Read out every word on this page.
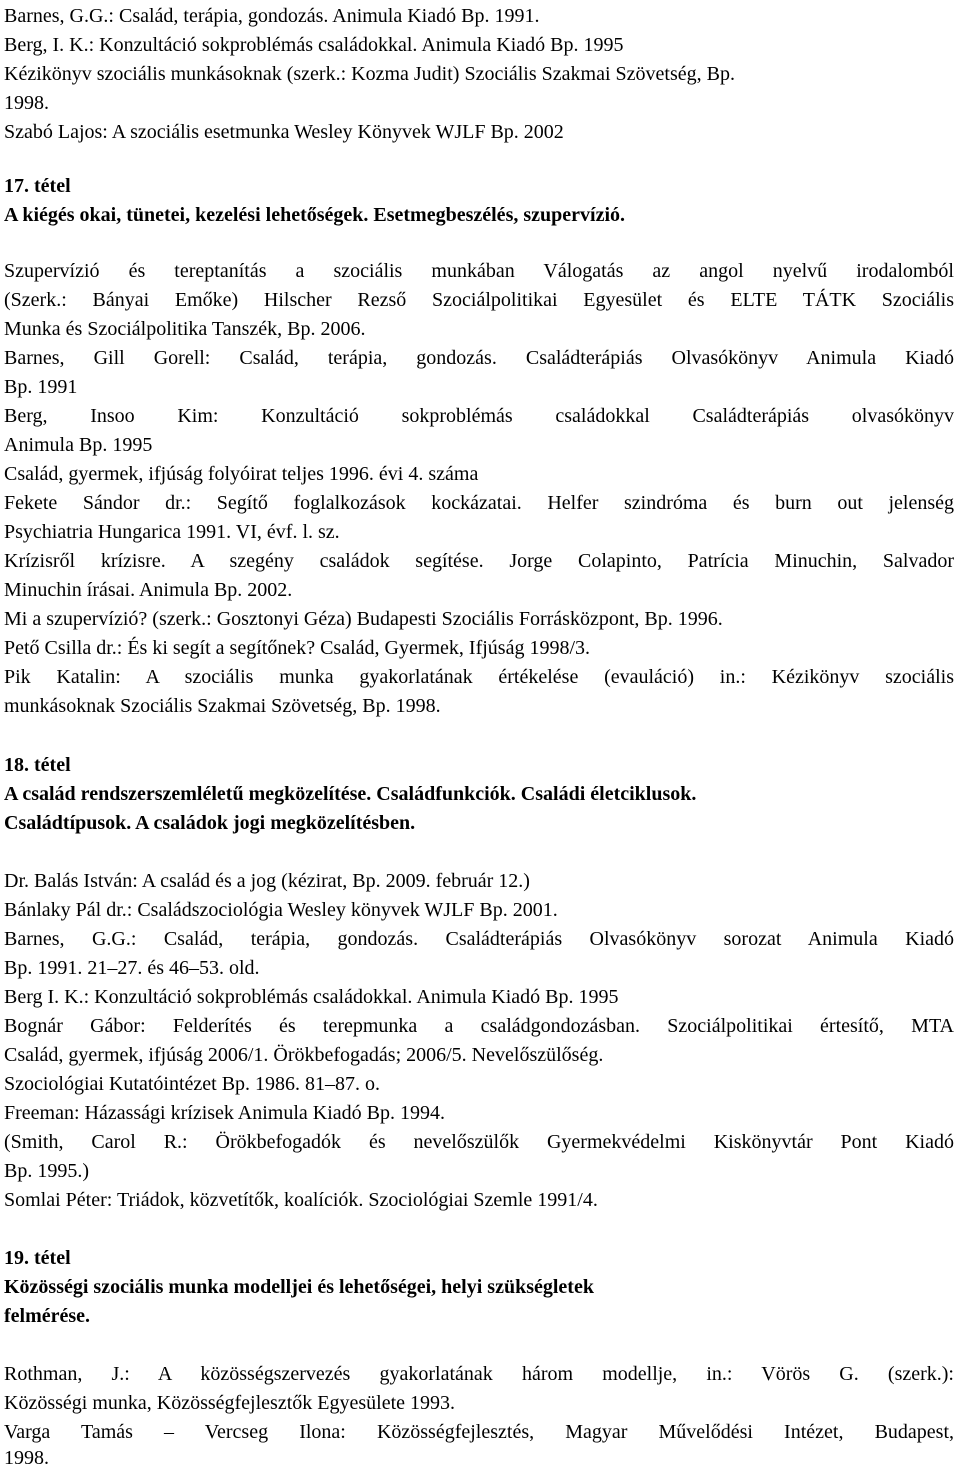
Barnes, G.G.: Család, terápia, gondozás. Animula Kiadó Bp. 1991.
Berg, I. K.: Konzultáció sokproblémás családokkal. Animula Kiadó Bp. 1995
Kézikönyv szociális munkásoknak (szerk.: Kozma Judit) Szociális Szakmai Szövetség, Bp.
1998.
Szabó Lajos: A szociális esetmunka Wesley Könyvek WJLF Bp. 2002
17. tétel
A kiégés okai, tünetei, kezelési lehetőségek. Esetmegbeszélés, szupervízió.
Szupervízió és tereptanítás a szociális munkában Válogatás az angol nyelvű irodalomból
(Szerk.: Bányai Emőke) Hilscher Rezső Szociálpolitikai Egyesület és ELTE TÁTK Szociális
Munka és Szociálpolitika Tanszék, Bp. 2006.
Barnes, Gill Gorell: Család, terápia, gondozás. Családterápiás Olvasókönyv Animula Kiadó
Bp. 1991
Berg, Insoo Kim: Konzultáció sokproblémás családokkal Családterápiás olvasókönyv
Animula Bp. 1995
Család, gyermek, ifjúság folyóirat teljes 1996. évi 4. száma
Fekete Sándor dr.: Segítő foglalkozások kockázatai. Helfer szindróma és burn out jelenség
Psychiatria Hungarica 1991. VI, évf. l. sz.
Krízisről krízisre. A szegény családok segítése. Jorge Colapinto, Patrícia Minuchin, Salvador
Minuchin írásai. Animula Bp. 2002.
Mi a szupervízió? (szerk.: Gosztonyi Géza) Budapesti Szociális Forrásközpont, Bp. 1996.
Pető Csilla dr.: És ki segít a segítőnek? Család, Gyermek, Ifjúság 1998/3.
Pik Katalin: A szociális munka gyakorlatának értékelése (evauláció) in.: Kézikönyv szociális
munkásoknak Szociális Szakmai Szövetség, Bp. 1998.
18. tétel
A család rendszerszemléletű megközelítése. Családfunkciók. Családi életciklusok.
Családtípusok. A családok jogi megközelítésben.
Dr. Balás István: A család és a jog (kézirat, Bp. 2009. február 12.)
Bánlaky Pál dr.: Családszociológia Wesley könyvek WJLF Bp. 2001.
Barnes, G.G.: Család, terápia, gondozás. Családterápiás Olvasókönyv sorozat Animula Kiadó
Bp. 1991. 21–27. és 46–53. old.
Berg I. K.: Konzultáció sokproblémás családokkal. Animula Kiadó Bp. 1995
Bognár Gábor: Felderítés és terepmunka a családgondozásban. Szociálpolitikai értesítő, MTA
Család, gyermek, ifjúság 2006/1. Örökbefogadás; 2006/5. Nevelőszülőség.
Szociológiai Kutatóintézet Bp. 1986. 81–87. o.
Freeman: Házassági krízisek Animula Kiadó Bp. 1994.
(Smith, Carol R.: Örökbefogadók és nevelőszülők Gyermekvédelmi Kiskönyvtár Pont Kiadó
Bp. 1995.)
Somlai Péter: Triádok, közvetítők, koalíciók. Szociológiai Szemle 1991/4.
19. tétel
Közösségi szociális munka modelljei és lehetőségei, helyi szükségletek
felmérése.
Rothman, J.: A közösségszervezés gyakorlatának három modellje, in.: Vörös G. (szerk.):
Közösségi munka, Közösségfejlesztők Egyesülete 1993.
Varga Tamás – Vercseg Ilona: Közösségfejlesztés, Magyar Művelődési Intézet, Budapest,
1998.
